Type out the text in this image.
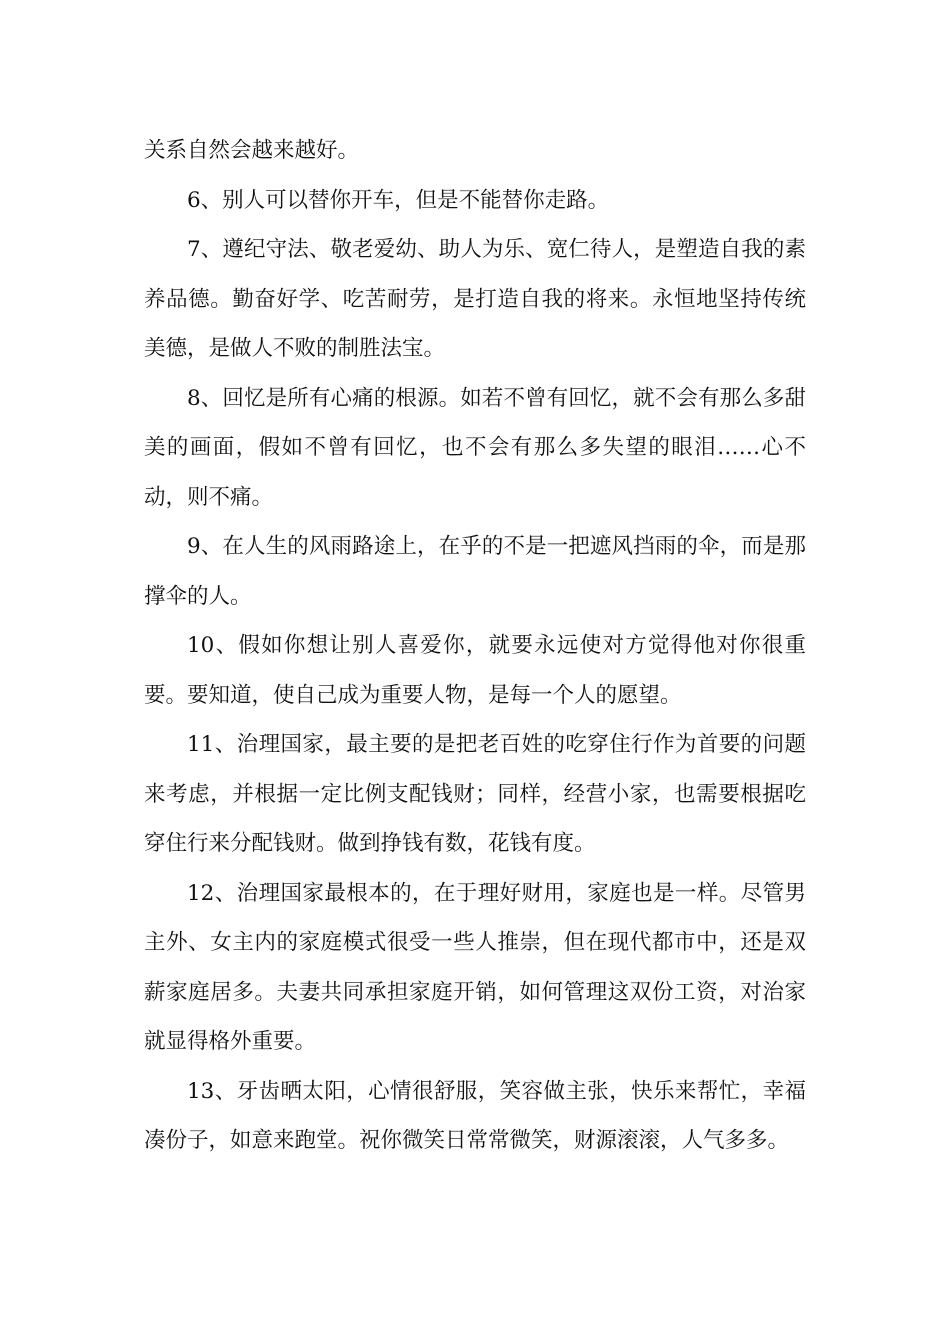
关系自然会越来越好。

6、别人可以替你开车，但是不能替你走路。

7、遵纪守法、敬老爱幼、助人为乐、宽仁待人，是塑造自我的素养品德。勤奋好学、吃苦耐劳，是打造自我的将来。永恒地坚持传统美德，是做人不败的制胜法宝。

8、回忆是所有心痛的根源。如若不曾有回忆，就不会有那么多甜美的画面，假如不曾有回忆，也不会有那么多失望的眼泪……心不动，则不痛。

9、在人生的风雨路途上，在乎的不是一把遮风挡雨的伞，而是那撑伞的人。

10、假如你想让别人喜爱你，就要永远使对方觉得他对你很重要。要知道，使自己成为重要人物，是每一个人的愿望。

11、治理国家，最主要的是把老百姓的吃穿住行作为首要的问题来考虑，并根据一定比例支配钱财；同样，经营小家，也需要根据吃穿住行来分配钱财。做到挣钱有数，花钱有度。

12、治理国家最根本的，在于理好财用，家庭也是一样。尽管男主外、女主内的家庭模式很受一些人推崇，但在现代都市中，还是双薪家庭居多。夫妻共同承担家庭开销，如何管理这双份工资，对治家就显得格外重要。

13、牙齿晒太阳，心情很舒服，笑容做主张，快乐来帮忙，幸福凑份子，如意来跑堂。祝你微笑日常常微笑，财源滚滚，人气多多。
